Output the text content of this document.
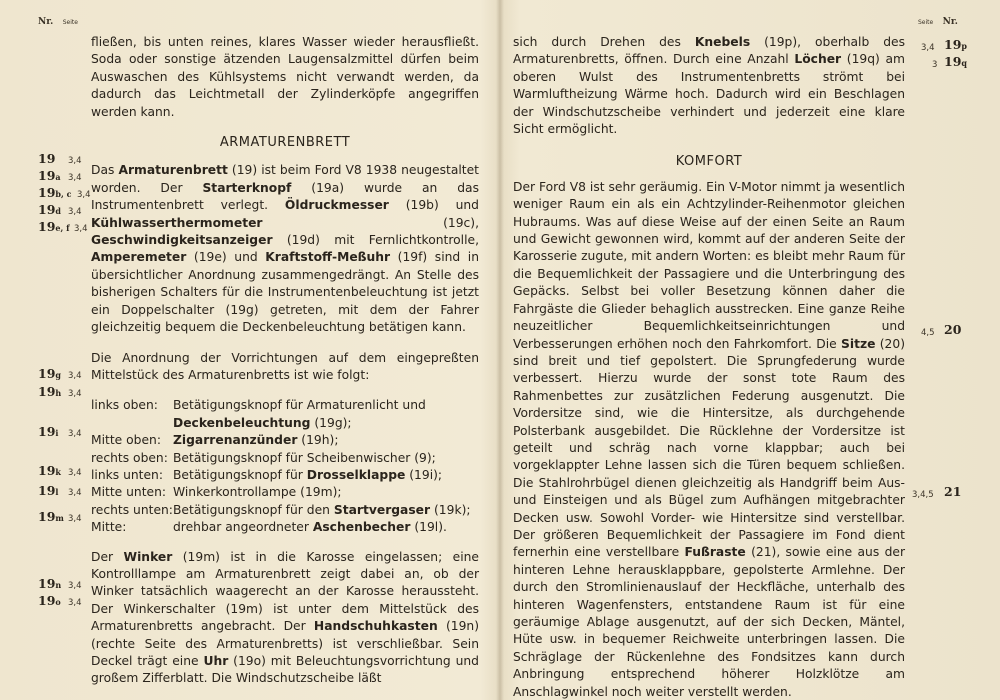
Nr. Seite	Seite Nr.

fließen, bis unten reines, klares Wasser wieder herausfließt. Soda oder sonstige ätzenden Laugensalzmittel dürfen beim Auswaschen des Kühlsystems nicht verwandt werden, da dadurch das Leichtmetall der Zylinderköpfe angegriffen werden kann.

ARMATURENBRETT

Das Armaturenbrett (19) ist beim Ford V8 1938 neugestaltet worden. Der Starterknopf (19a) wurde an das Instrumentenbrett verlegt. Öldruckmesser (19b) und Kühlwasserthermometer (19c), Geschwindigkeitsanzeiger (19d) mit Fernlichtkontrolle, Amperemeter (19e) und Kraftstoff-Meßuhr (19f) sind in übersichtlicher Anordnung zusammengedrängt. An Stelle des bisherigen Schalters für die Instrumentenbeleuchtung ist jetzt ein Doppelschalter (19g) getreten, mit dem der Fahrer gleichzeitig bequem die Deckenbeleuchtung betätigen kann.

Die Anordnung der Vorrichtungen auf dem eingepreßten Mittelstück des Armaturenbretts ist wie folgt:

links oben:	Betätigungsknopf für Armaturenlicht und Deckenbeleuchtung (19g);
Mitte oben: Zigarrenanzünder (19h);
rechts oben: Betätigungsknopf für Scheibenwischer (9);
links unten: Betätigungsknopf für Drosselklappe (19i);
Mitte unten: Winkerkontrollampe (19m);
rechts unten: Betätigungsknopf für den Startvergaser (19k);
Mitte:	drehbar angeordneter Aschenbecher (19l).

Der Winker (19m) ist in die Karosse eingelassen; eine Kontrolllampe am Armaturenbrett zeigt dabei an, ob der Winker tatsächlich waagerecht an der Karosse heraussteht. Der Winkerschalter (19m) ist unter dem Mittelstück des Armaturenbretts angebracht. Der Handschuhkasten (19n) (rechte Seite des Armaturenbretts) ist verschließbar. Sein Deckel trägt eine Uhr (19o) mit Beleuchtungsvorrichtung und großem Zifferblatt. Die Windschutzscheibe läßt

19 3,4
19a 3,4
19b, c 3,4
19d 3,4
19e, f 3,4
19g 3,4
19h 3,4
19i 3,4
19k 3,4
19l 3,4
19m 3,4
19n 3,4
19o 3,4

sich durch Drehen des Knebels (19p), oberhalb des Armaturenbretts, öffnen. Durch eine Anzahl Löcher (19q) am oberen Wulst des Instrumentenbretts strömt bei Warmluftheizung Wärme hoch. Dadurch wird ein Beschlagen der Windschutzscheibe verhindert und jederzeit eine klare Sicht ermöglicht.

KOMFORT

Der Ford V8 ist sehr geräumig. Ein V-Motor nimmt ja wesentlich weniger Raum ein als ein Achtzylinder-Reihenmotor gleichen Hubraums. Was auf diese Weise auf der einen Seite an Raum und Gewicht gewonnen wird, kommt auf der anderen Seite der Karosserie zugute, mit andern Worten: es bleibt mehr Raum für die Bequemlichkeit der Passagiere und die Unterbringung des Gepäcks. Selbst bei voller Besetzung können daher die Fahrgäste die Glieder behaglich ausstrecken. Eine ganze Reihe neuzeitlicher Bequemlichkeitseinrichtungen und Verbesserungen erhöhen noch den Fahrkomfort. Die Sitze (20) sind breit und tief gepolstert. Die Sprungfederung wurde verbessert. Hierzu wurde der sonst tote Raum des Rahmenbettes zur zusätzlichen Federung ausgenutzt. Die Vordersitze sind, wie die Hintersitze, als durchgehende Polsterbank ausgebildet. Die Rücklehne der Vordersitze ist geteilt und schräg nach vorne klappbar; auch bei vorgeklappter Lehne lassen sich die Türen bequem schließen. Die Stahlrohrbügel dienen gleichzeitig als Handgriff beim Aus- und Einsteigen und als Bügel zum Aufhängen mitgebrachter Decken usw. Sowohl Vorder- wie Hintersitze sind verstellbar. Der größeren Bequemlichkeit der Passagiere im Fond dient fernerhin eine verstellbare Fußraste (21), sowie eine aus der hinteren Lehne herausklappbare, gepolsterte Armlehne. Der durch den Stromlinienauslauf der Heckfläche, unterhalb des hinteren Wagenfensters, entstandene Raum ist für eine geräumige Ablage ausgenutzt, auf der sich Decken, Mäntel, Hüte usw. in bequemer Reichweite unterbringen lassen. Die Schräglage der Rückenlehne des Fondsitzes kann durch Anbringung entsprechend höherer Holzklötze am Anschlagwinkel noch weiter verstellt werden.

3,4 19p
3 19q
4,5 20
3,4,5 21
